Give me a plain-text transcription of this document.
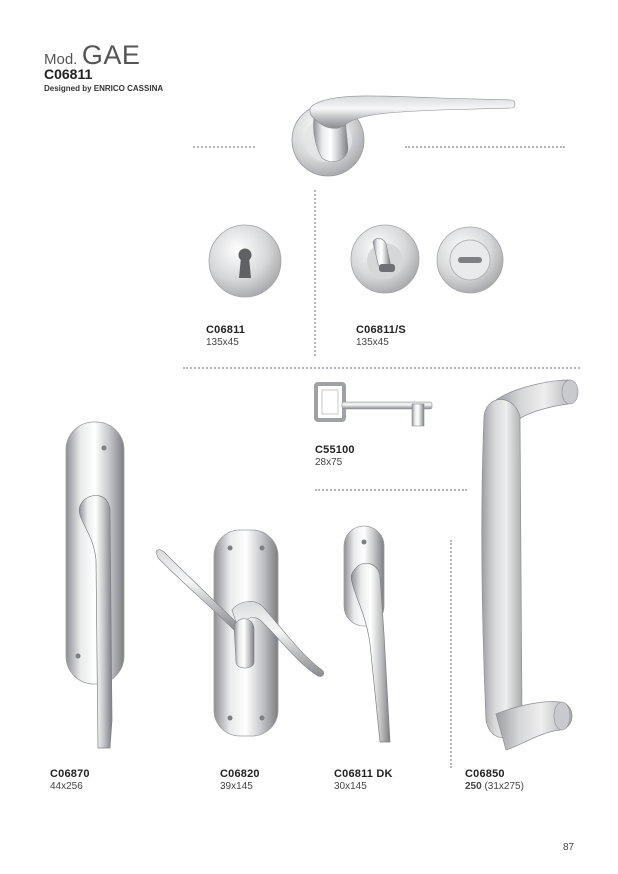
Mod. GAE
C06811
Designed by ENRICO CASSINA
C06811
135x45
C06811/S
135x45
C55100
28x75
C06870
44x256
C06820
39x145
C06811 DK
30x145
C06850
250 (31x275)
87
